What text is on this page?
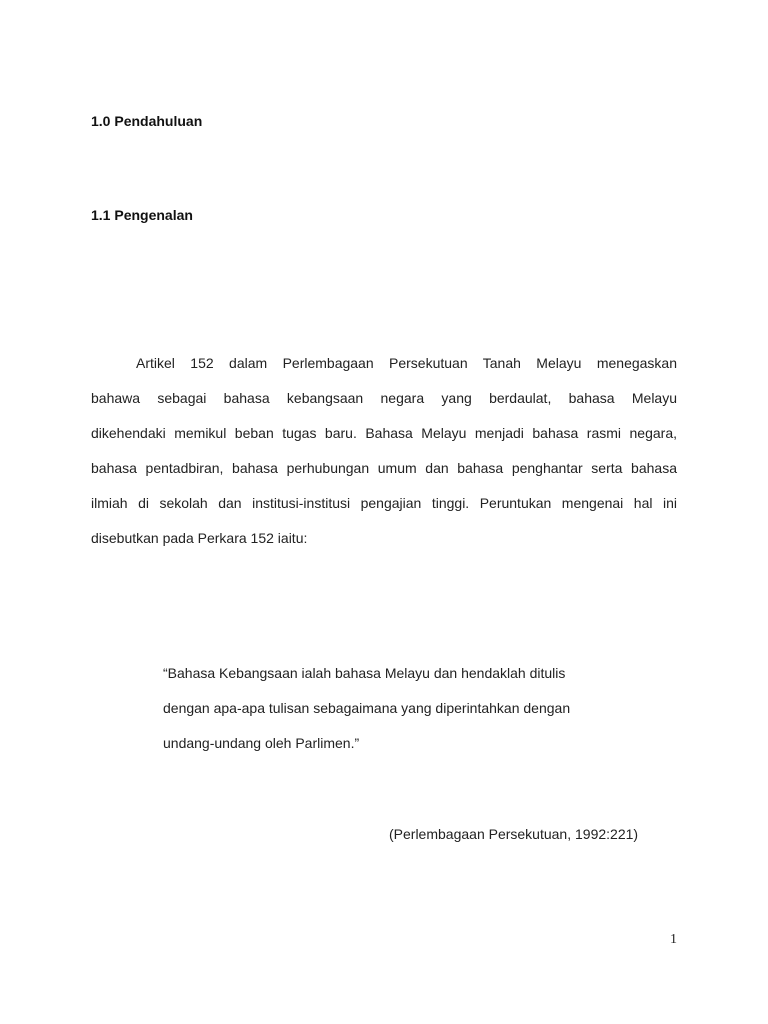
1.0 Pendahuluan
1.1 Pengenalan
Artikel 152 dalam Perlembagaan Persekutuan Tanah Melayu menegaskan
bahawa sebagai bahasa kebangsaan negara yang berdaulat, bahasa Melayu
dikehendaki memikul beban tugas baru. Bahasa Melayu menjadi bahasa rasmi negara,
bahasa pentadbiran, bahasa perhubungan umum dan bahasa penghantar serta bahasa
ilmiah di sekolah dan institusi-institusi pengajian tinggi. Peruntukan mengenai hal ini
disebutkan pada Perkara 152 iaitu:
“Bahasa Kebangsaan ialah bahasa Melayu dan hendaklah ditulis
dengan apa-apa tulisan sebagaimana yang diperintahkan dengan
undang-undang oleh Parlimen.”
(Perlembagaan Persekutuan, 1992:221)
1
